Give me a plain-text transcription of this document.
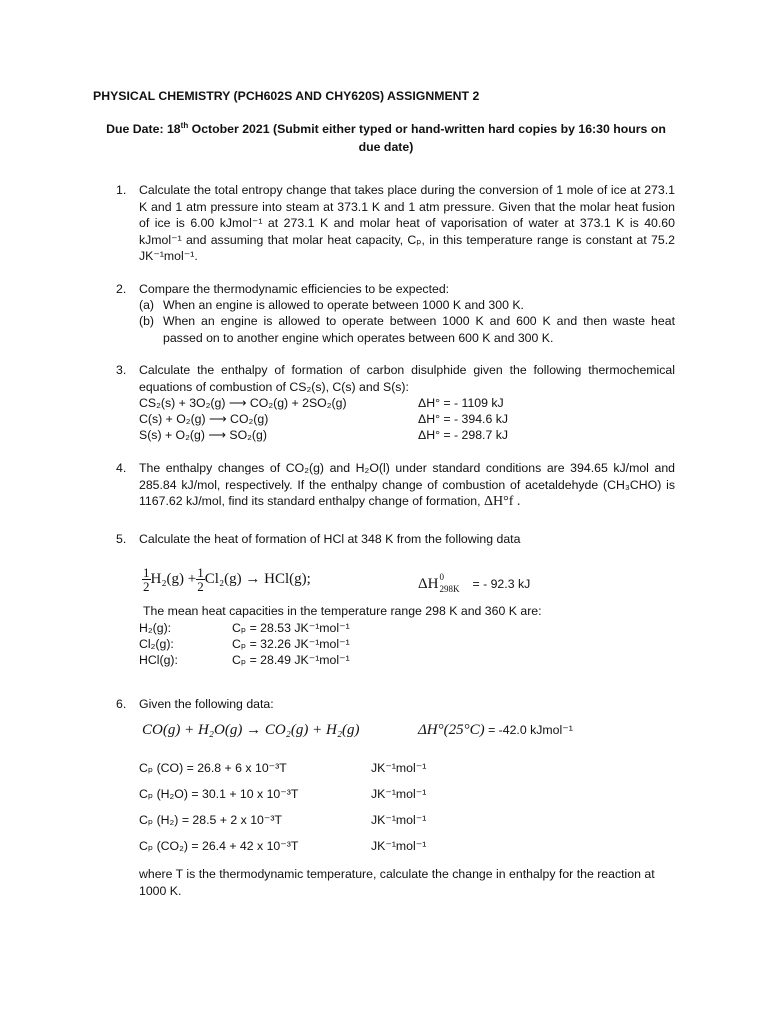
PHYSICAL CHEMISTRY (PCH602S AND CHY620S) ASSIGNMENT 2
Due Date: 18th October 2021 (Submit either typed or hand-written hard copies by 16:30 hours on due date)
1. Calculate the total entropy change that takes place during the conversion of 1 mole of ice at 273.1 K and 1 atm pressure into steam at 373.1 K and 1 atm pressure. Given that the molar heat fusion of ice is 6.00 kJmol⁻¹ at 273.1 K and molar heat of vaporisation of water at 373.1 K is 40.60 kJmol⁻¹ and assuming that molar heat capacity, Cₚ, in this temperature range is constant at 75.2 JK⁻¹mol⁻¹.
2. Compare the thermodynamic efficiencies to be expected:
(a) When an engine is allowed to operate between 1000 K and 300 K.
(b) When an engine is allowed to operate between 1000 K and 600 K and then waste heat passed on to another engine which operates between 600 K and 300 K.
3. Calculate the enthalpy of formation of carbon disulphide given the following thermochemical equations of combustion of CS₂(s), C(s) and S(s):
CS₂(s) + 3O₂(g) ⟶ CO₂(g) + 2SO₂(g)	ΔH° = - 1109 kJ
C(s) + O₂(g) ⟶ CO₂(g)	ΔH° = - 394.6 kJ
S(s) + O₂(g) ⟶ SO₂(g)	ΔH° = - 298.7 kJ
4. The enthalpy changes of CO₂(g) and H₂O(l) under standard conditions are 394.65 kJ/mol and 285.84 kJ/mol, respectively. If the enthalpy change of combustion of acetaldehyde (CH₃CHO) is 1167.62 kJ/mol, find its standard enthalpy change of formation, ΔH°f .
5. Calculate the heat of formation of HCl at 348 K from the following data
$\frac{1}{2} H_2(g) + \frac{1}{2} Cl_2(g) \to HCl(g)$;	ΔH 0
298K = - 92.3 kJ
The mean heat capacities in the temperature range 298 K and 360 K are:
H₂(g):	Cₚ = 28.53 JK⁻¹mol⁻¹
Cl₂(g):	Cₚ = 32.26 JK⁻¹mol⁻¹
HCl(g):	Cₚ = 28.49 JK⁻¹mol⁻¹
6. Given the following data:
CO(g) + H₂O(g) → CO₂(g) + H₂(g)	ΔH°(25°C) = -42.0 kJmol⁻¹
Cₚ (CO) = 26.8 + 6 x 10⁻³T	JK⁻¹mol⁻¹
Cₚ (H₂O) = 30.1 + 10 x 10⁻³T	JK⁻¹mol⁻¹
Cₚ (H₂) = 28.5 + 2 x 10⁻³T	JK⁻¹mol⁻¹
Cₚ (CO₂) = 26.4 + 42 x 10⁻³T	JK⁻¹mol⁻¹
where T is the thermodynamic temperature, calculate the change in enthalpy for the reaction at 1000 K.
